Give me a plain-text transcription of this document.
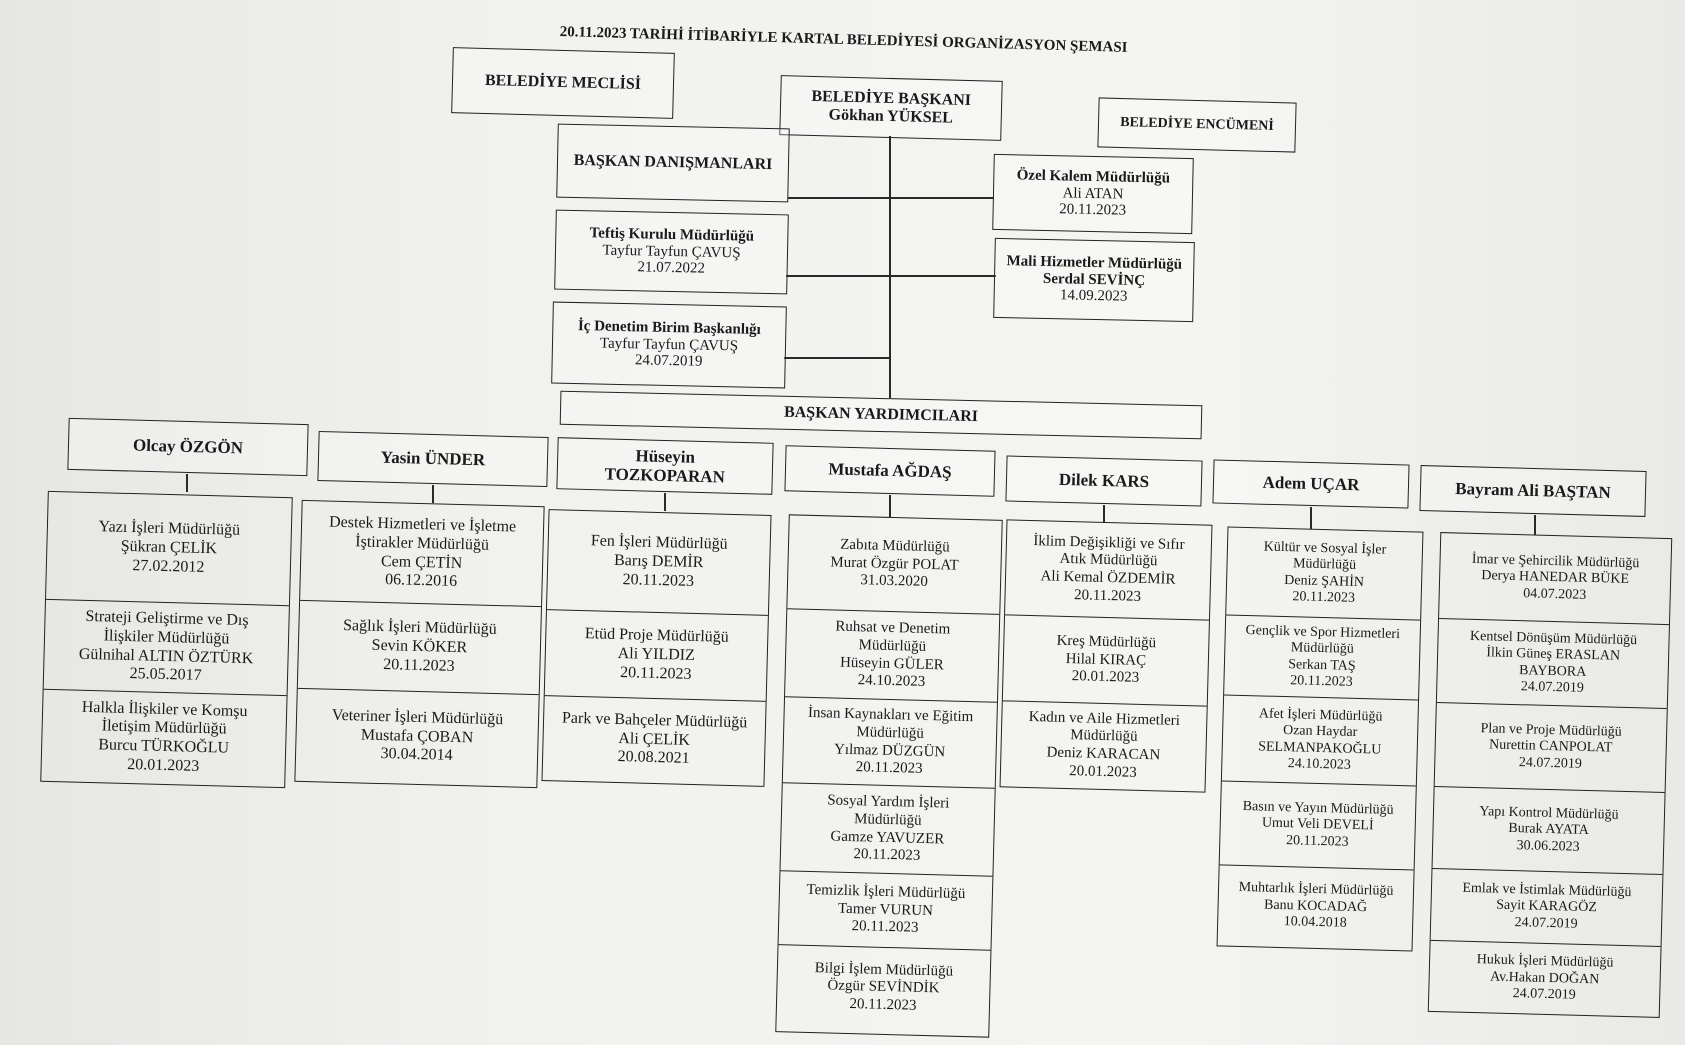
20.11.2023 TARİHİ İTİBARİYLE KARTAL BELEDİYESİ ORGANİZASYON ŞEMASI
BELEDİYE MECLİSİ
BELEDİYE BAŞKANI
Gökhan YÜKSEL	BELEDİYE ENCÜMENİ
BAŞKAN DANIŞMANLARI
Teftiş Kurulu Müdürlüğü
Tayfur Tayfun ÇAVUŞ
21.07.2022
İç Denetim Birim Başkanlığı
Tayfur Tayfun ÇAVUŞ
24.07.2019
Özel Kalem Müdürlüğü
Ali ATAN
20.11.2023
Mali Hizmetler Müdürlüğü
Serdal SEVİNÇ
14.09.2023
BAŞKAN YARDIMCILARI
Olcay ÖZGÖN
Yasin ÜNDER	Hüseyin TOZKOPARAN	Mustafa AĞDAŞ	Dilek KARS	Adem UÇAR	Bayram Ali BAŞTAN
Yazı İşleri Müdürlüğü
Şükran ÇELİK
27.02.2012
Strateji Geliştirme ve Dış İlişkiler Müdürlüğü
Gülnihal ALTIN ÖZTÜRK
25.05.2017
Halkla İlişkiler ve Komşu İletişim Müdürlüğü
Burcu TÜRKOĞLU
20.01.2023
Destek Hizmetleri ve İşletme İştirakler Müdürlüğü
Cem ÇETİN
06.12.2016
Sağlık İşleri Müdürlüğü
Sevin KÖKER
20.11.2023
Veteriner İşleri Müdürlüğü
Mustafa ÇOBAN
30.04.2014
Fen İşleri Müdürlüğü
Barış DEMİR
20.11.2023
Etüd Proje Müdürlüğü
Ali YILDIZ
20.11.2023
Park ve Bahçeler Müdürlüğü
Ali ÇELİK
20.08.2021
Zabıta Müdürlüğü
Murat Özgür POLAT
31.03.2020
Ruhsat ve Denetim Müdürlüğü
Hüseyin GÜLER
24.10.2023
İnsan Kaynakları ve Eğitim Müdürlüğü
Yılmaz DÜZGÜN
20.11.2023
Sosyal Yardım İşleri Müdürlüğü
Gamze YAVUZER
20.11.2023
Temizlik İşleri Müdürlüğü
Tamer VURUN
20.11.2023
Bilgi İşlem Müdürlüğü
Özgür SEVİNDİK
20.11.2023
İklim Değişikliği ve Sıfır Atık Müdürlüğü
Ali Kemal ÖZDEMİR
20.11.2023
Kreş Müdürlüğü
Hilal KIRAÇ
20.01.2023
Kadın ve Aile Hizmetleri Müdürlüğü
Deniz KARACAN
20.01.2023
Kültür ve Sosyal İşler Müdürlüğü
Deniz ŞAHİN
20.11.2023
Gençlik ve Spor Hizmetleri Müdürlüğü
Serkan TAŞ
20.11.2023
Afet İşleri Müdürlüğü
Ozan Haydar SELMANPAKOĞLU
24.10.2023
Basın ve Yayın Müdürlüğü
Umut Veli DEVELİ
20.11.2023
Muhtarlık İşleri Müdürlüğü
Banu KOCADAĞ
10.04.2018
İmar ve Şehircilik Müdürlüğü
Derya HANEDAR BÜKE
04.07.2023
Kentsel Dönüşüm Müdürlüğü
İlkin Güneş ERASLAN BAYBORA
24.07.2019
Plan ve Proje Müdürlüğü
Nurettin CANPOLAT
24.07.2019
Yapı Kontrol Müdürlüğü
Burak AYATA
30.06.2023
Emlak ve İstimlak Müdürlüğü
Sayit KARAGÖZ
24.07.2019
Hukuk İşleri Müdürlüğü
Av.Hakan DOĞAN
24.07.2019
